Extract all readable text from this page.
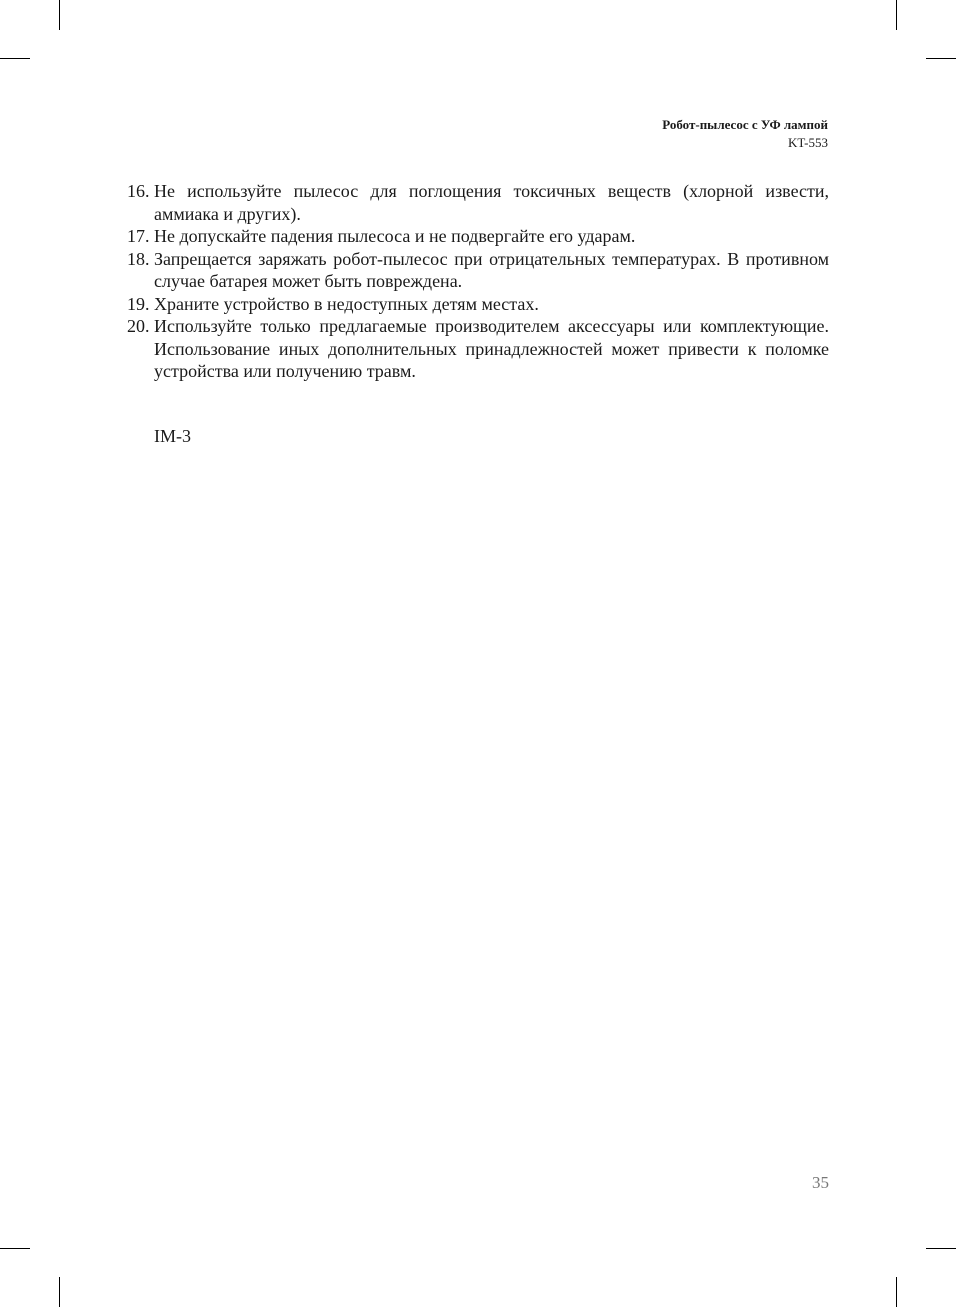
Робот-пылесос с УФ лампой
KT-553
16. Не используйте пылесос для поглощения токсичных веществ (хлорной извести, аммиака и других).
17. Не допускайте падения пылесоса и не подвергайте его ударам.
18. Запрещается заряжать робот-пылесос при отрицательных температурах. В противном случае батарея может быть повреждена.
19. Храните устройство в недоступных детям местах.
20. Используйте только предлагаемые производителем аксессуары или комплектующие. Использование иных дополнительных принадлежностей может привести к поломке устройства или получению травм.
IM-3
35
